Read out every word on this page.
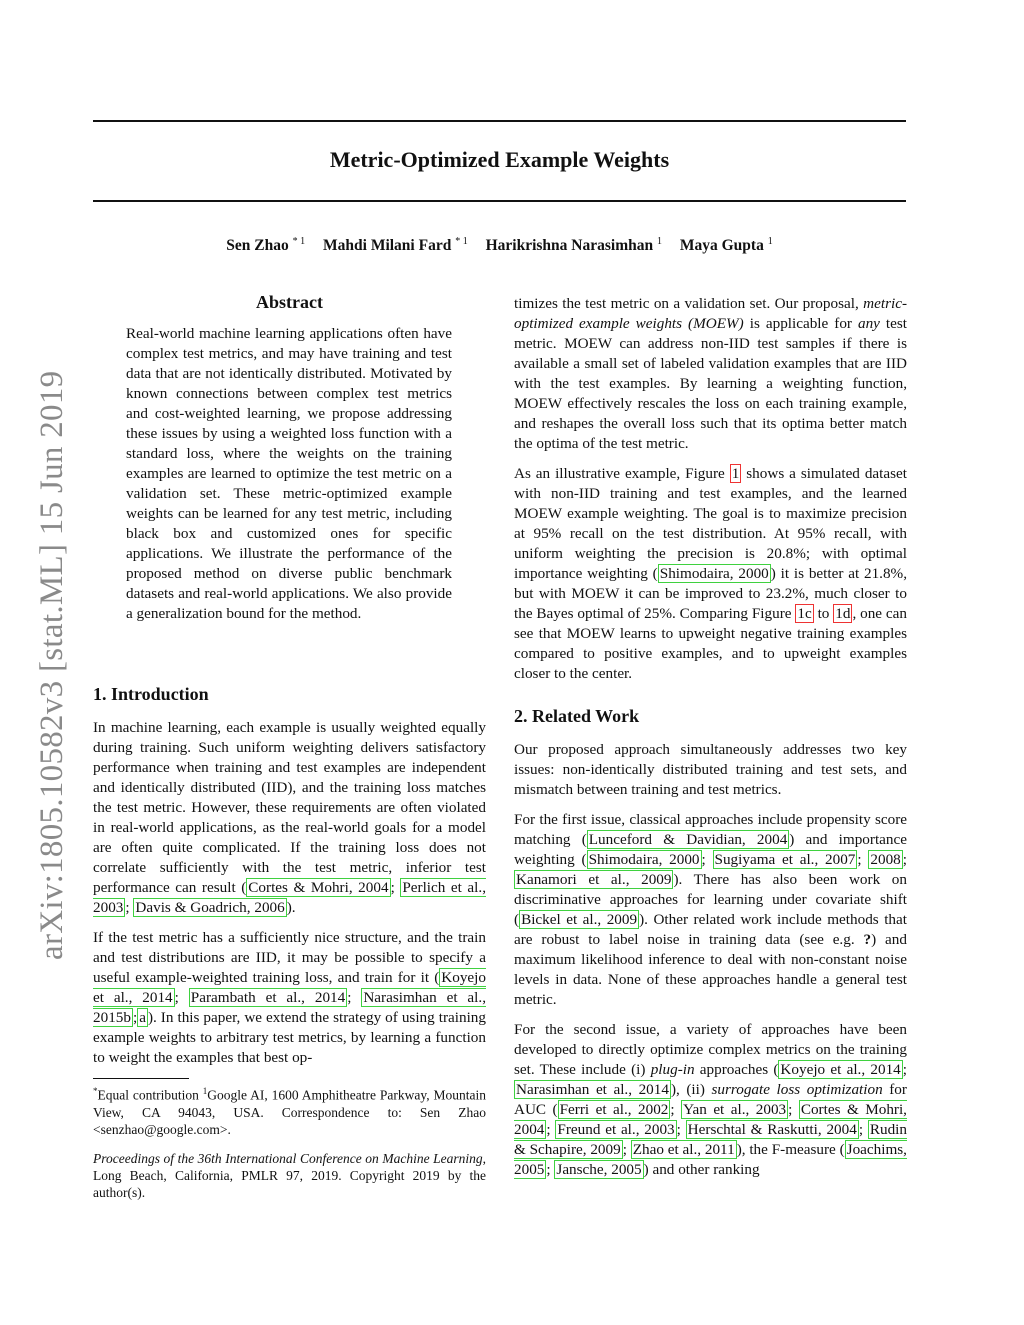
Metric-Optimized Example Weights
Sen Zhao $^{* 1}$ Mahdi Milani Fard $^{* 1}$ Harikrishna Narasimhan $^1$ Maya Gupta $^1$
arXiv:1805.10582v3 [stat.ML] 15 Jun 2019
Abstract
Real-world machine learning applications often have complex test metrics, and may have training and test data that are not identically distributed. Motivated by known connections between complex test metrics and cost-weighted learning, we propose addressing these issues by using a weighted loss function with a standard loss, where the weights on the training examples are learned to optimize the test metric on a validation set. These metric-optimized example weights can be learned for any test metric, including black box and customized ones for specific applications. We illustrate the performance of the proposed method on diverse public benchmark datasets and real-world applications. We also provide a generalization bound for the method.

1. Introduction

In machine learning, each example is usually weighted equally during training. Such uniform weighting delivers satisfactory performance when training and test examples are independent and identically distributed (IID), and the training loss matches the test metric. However, these requirements are often violated in real-world applications, as the real-world goals for a model are often quite complicated. If the training loss does not correlate sufficiently with the test metric, inferior test performance can result ( Cortes & Mohri, 2004 ; Perlich et al., 2003 ; Davis & Goadrich, 2006 ).

If the test metric has a sufficiently nice structure, and the train and test distributions are IID, it may be possible to specify a useful example-weighted training loss, and train for it ( Koyejo et al., 2014 ; Parambath et al., 2014 ; Narasimhan et al., 2015b ; a ). In this paper, we extend the strategy of using training example weights to arbitrary test metrics, by learning a function to weight the examples that best op-

*Equal contribution $^1$Google AI, 1600 Amphitheatre Parkway, Mountain View, CA 94043, USA. Correspondence to: Sen Zhao <senzhao@google.com>.
Proceedings of the 36th International Conference on Machine Learning, Long Beach, California, PMLR 97, 2019. Copyright 2019 by the author(s).

timizes the test metric on a validation set. Our proposal, metric-optimized example weights (MOEW) is applicable for any test metric. MOEW can address non-IID test samples if there is available a small set of labeled validation examples that are IID with the test examples. By learning a weighting function, MOEW effectively rescales the loss on each training example, and reshapes the overall loss such that its optima better match the optima of the test metric.

As an illustrative example, Figure 1 shows a simulated dataset with non-IID training and test examples, and the learned MOEW example weighting. The goal is to maximize precision at 95% recall on the test distribution. At 95% recall, with uniform weighting the precision is 20.8%; with optimal importance weighting ( Shimodaira, 2000 ) it is better at 21.8%, but with MOEW it can be improved to 23.2%, much closer to the Bayes optimal of 25%. Comparing Figure 1c to 1d , one can see that MOEW learns to upweight negative training examples compared to positive examples, and to upweight examples closer to the center.

2. Related Work

Our proposed approach simultaneously addresses two key issues: non-identically distributed training and test sets, and mismatch between training and test metrics.

For the first issue, classical approaches include propensity score matching ( Lunceford & Davidian, 2004 ) and importance weighting ( Shimodaira, 2000 ; Sugiyama et al., 2007 ; 2008 ; Kanamori et al., 2009 ). There has also been work on discriminative approaches for learning under covariate shift ( Bickel et al., 2009 ). Other related work include methods that are robust to label noise in training data (see e.g. ?) and maximum likelihood inference to deal with non-constant noise levels in data. None of these approaches handle a general test metric.

For the second issue, a variety of approaches have been developed to directly optimize complex metrics on the training set. These include (i) plug-in approaches ( Koyejo et al., 2014 ; Narasimhan et al., 2014 ), (ii) surrogate loss optimization for AUC ( Ferri et al., 2002 ; Yan et al., 2003 ; Cortes & Mohri, 2004 ; Freund et al., 2003 ; Herschtal & Raskutti, 2004 ; Rudin & Schapire, 2009 ; Zhao et al., 2011 ), the F-measure ( Joachims, 2005 ; Jansche, 2005 ) and other ranking
